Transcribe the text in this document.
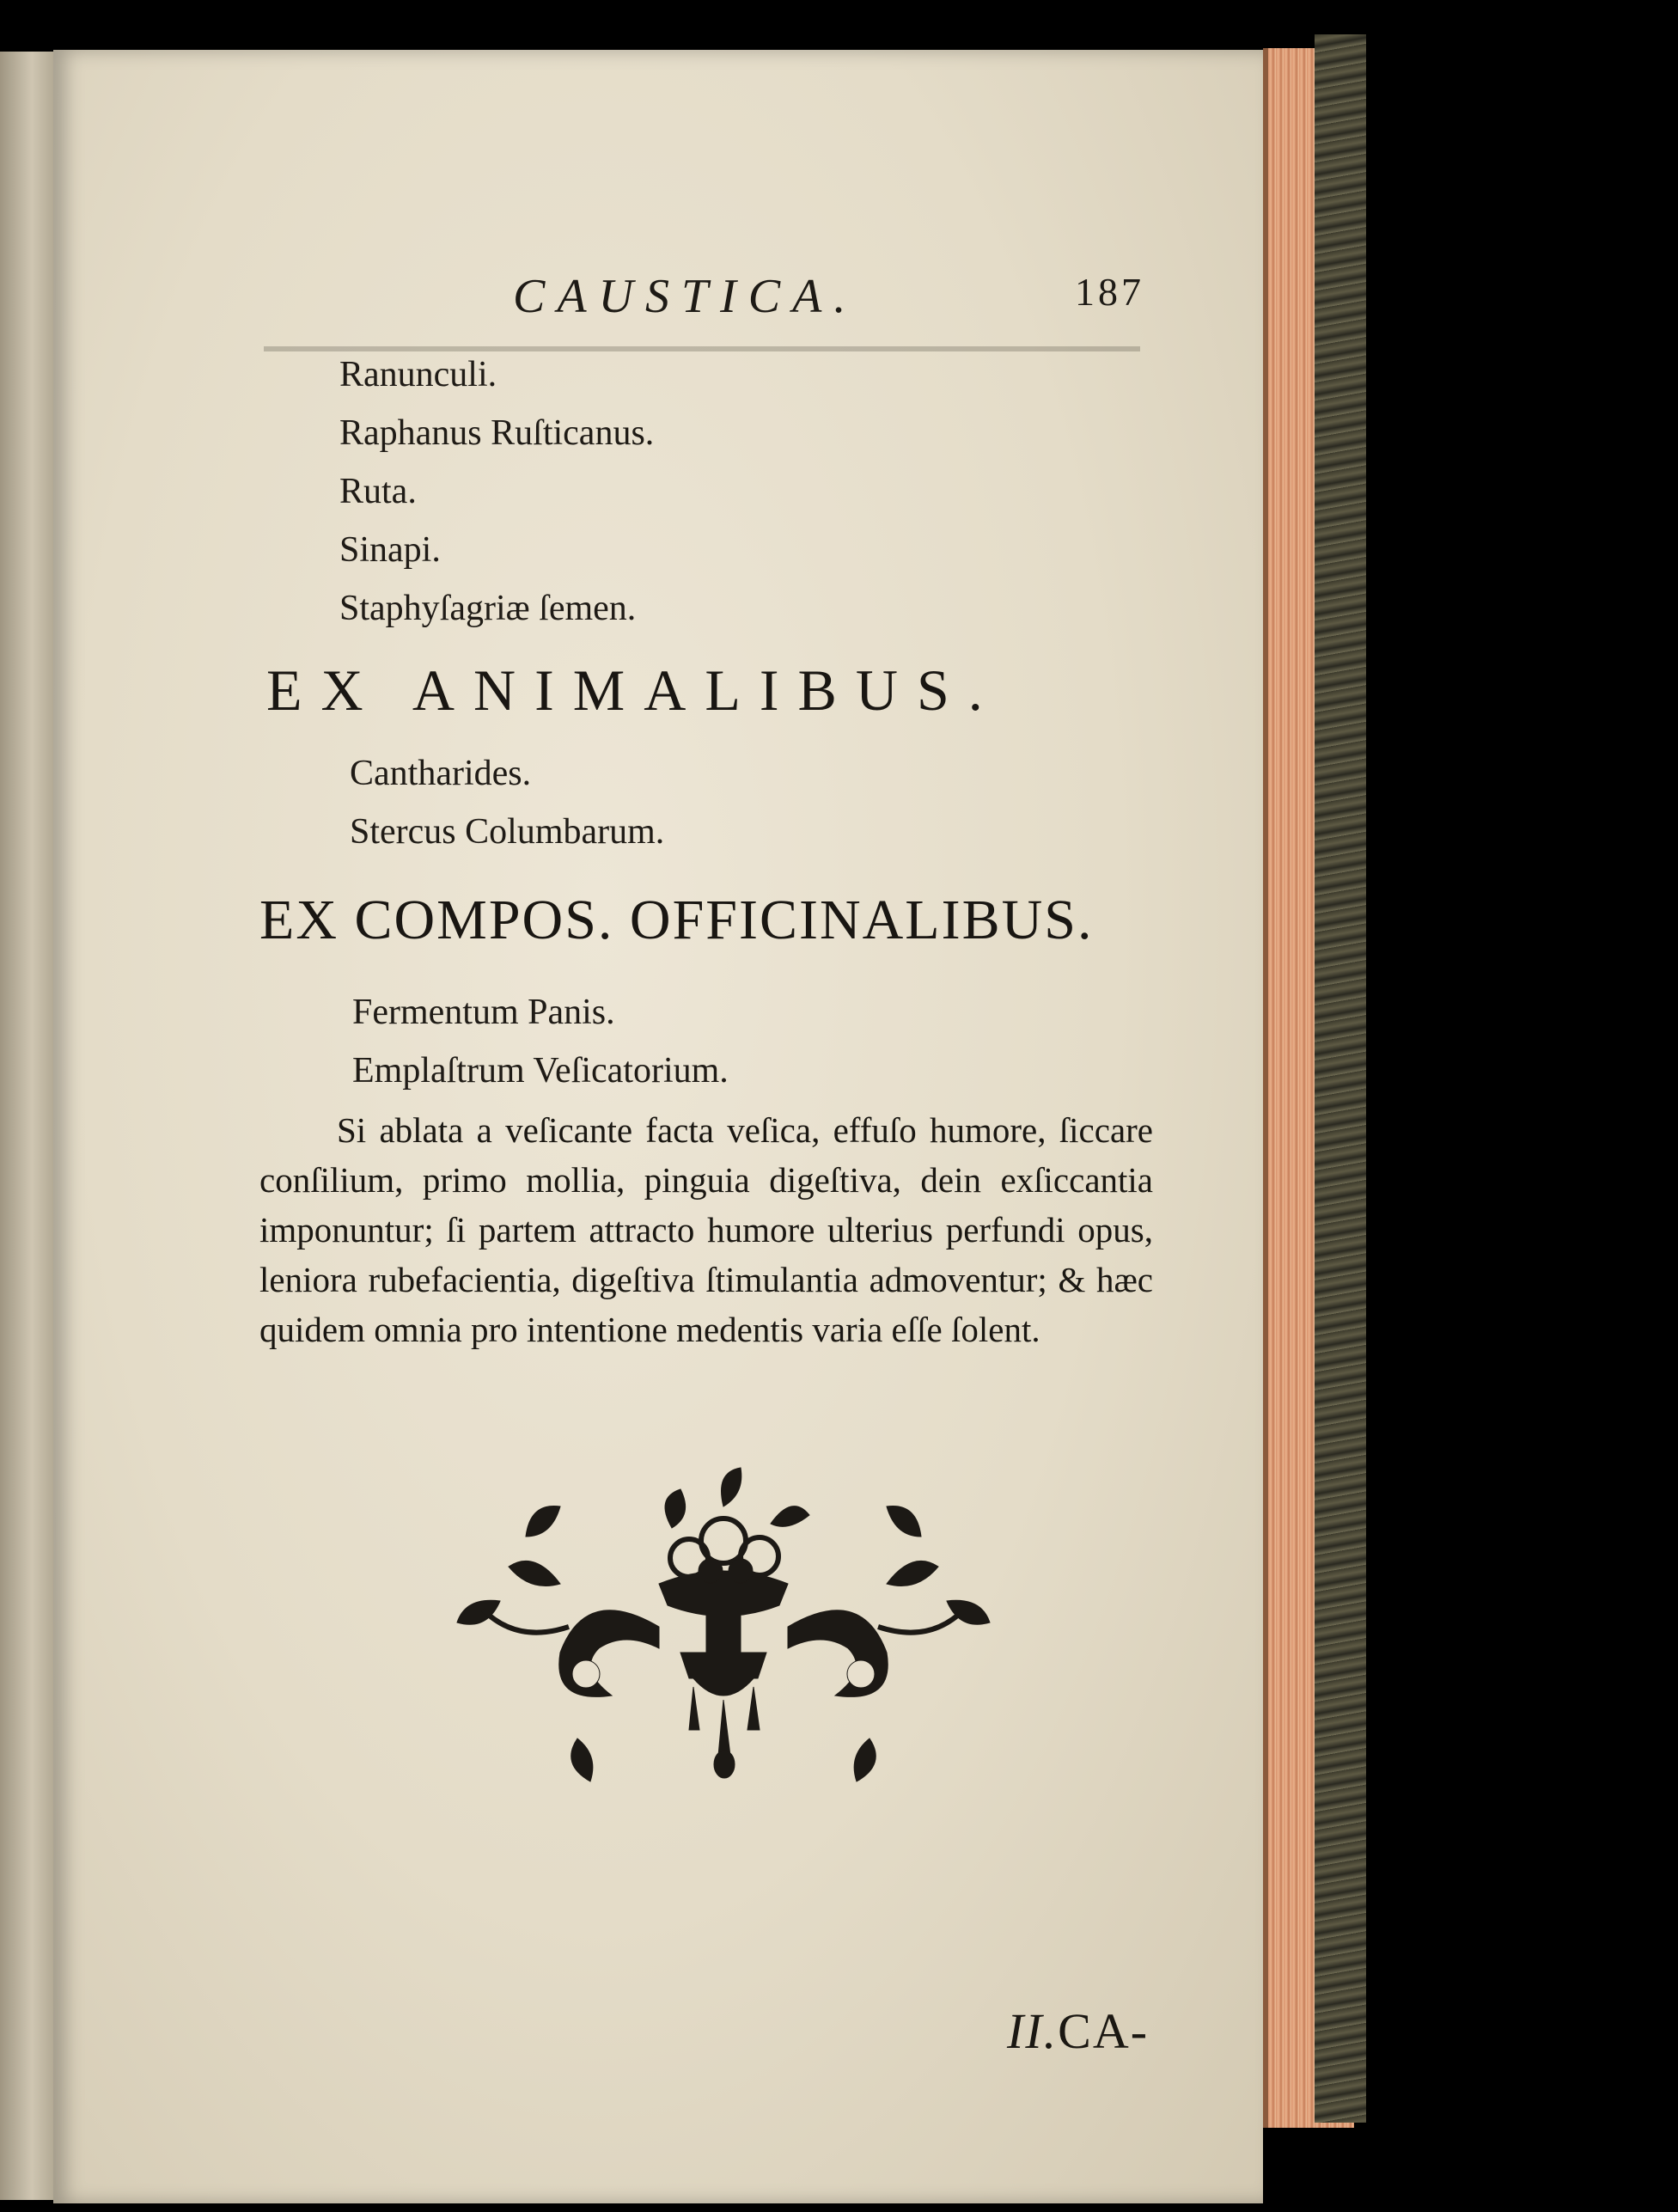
CAUSTICA.	187
Ranunculi.
Raphanus Ruſticanus.
Ruta.
Sinapi.
Staphyſagriæ ſemen.
EX ANIMALIBUS.
Cantharides.
Stercus Columbarum.
EX COMPOS. OFFICINALIBUS.
Fermentum Panis.
Emplaſtrum Veſicatorium.

Si ablata a veſicante facta veſica, effuſo humore, ſiccare conſilium, primo mollia, pinguia digeſtiva, dein exſiccantia imponuntur; ſi partem attracto humore ulterius perfundi opus, leniora rubefacientia, digeſtiva ſtimulantia admoventur; & hæc quidem omnia pro intentione medentis varia eſſe ſolent.

II.CA-
